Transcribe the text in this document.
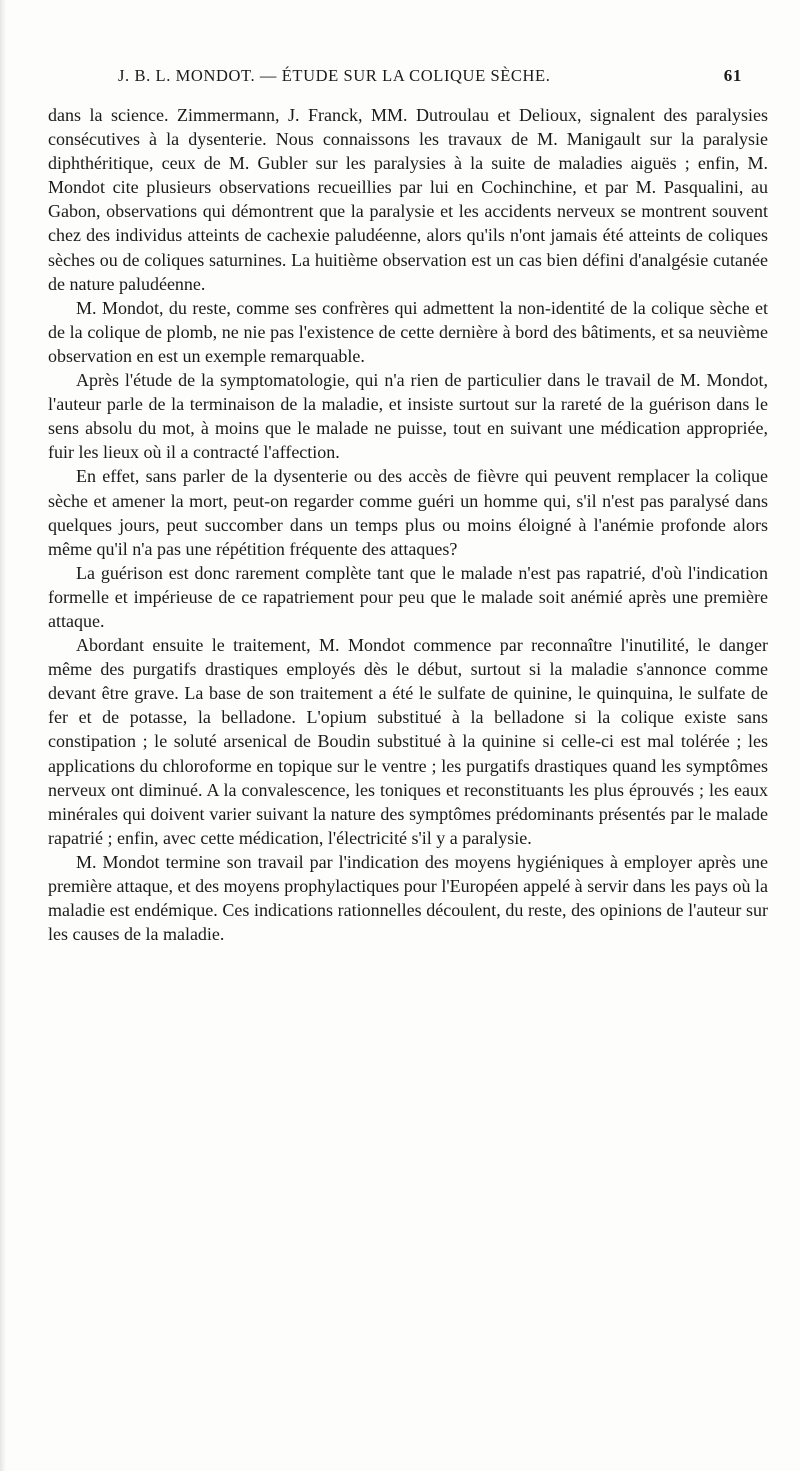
J. B. L. MONDOT. — ÉTUDE SUR LA COLIQUE SÈCHE.	61

dans la science. Zimmermann, J. Franck, MM. Dutroulau et Delioux, signalent des paralysies consécutives à la dysenterie. Nous connaissons les travaux de M. Manigault sur la paralysie diphthéritique, ceux de M. Gubler sur les paralysies à la suite de maladies aiguës ; enfin, M. Mondot cite plusieurs observations recueillies par lui en Cochinchine, et par M. Pasqualini, au Gabon, observations qui démontrent que la paralysie et les accidents nerveux se montrent souvent chez des individus atteints de cachexie paludéenne, alors qu'ils n'ont jamais été atteints de coliques sèches ou de coliques saturnines. La huitième observation est un cas bien défini d'analgésie cutanée de nature paludéenne.

M. Mondot, du reste, comme ses confrères qui admettent la non-identité de la colique sèche et de la colique de plomb, ne nie pas l'existence de cette dernière à bord des bâtiments, et sa neuvième observation en est un exemple remarquable.

Après l'étude de la symptomatologie, qui n'a rien de particulier dans le travail de M. Mondot, l'auteur parle de la terminaison de la maladie, et insiste surtout sur la rareté de la guérison dans le sens absolu du mot, à moins que le malade ne puisse, tout en suivant une médication appropriée, fuir les lieux où il a contracté l'affection.

En effet, sans parler de la dysenterie ou des accès de fièvre qui peuvent remplacer la colique sèche et amener la mort, peut-on regarder comme guéri un homme qui, s'il n'est pas paralysé dans quelques jours, peut succomber dans un temps plus ou moins éloigné à l'anémie profonde alors même qu'il n'a pas une répétition fréquente des attaques?

La guérison est donc rarement complète tant que le malade n'est pas rapatrié, d'où l'indication formelle et impérieuse de ce rapatriement pour peu que le malade soit anémié après une première attaque.

Abordant ensuite le traitement, M. Mondot commence par reconnaître l'inutilité, le danger même des purgatifs drastiques employés dès le début, surtout si la maladie s'annonce comme devant être grave. La base de son traitement a été le sulfate de quinine, le quinquina, le sulfate de fer et de potasse, la belladone. L'opium substitué à la belladone si la colique existe sans constipation ; le soluté arsenical de Boudin substitué à la quinine si celle-ci est mal tolérée ; les applications du chloroforme en topique sur le ventre ; les purgatifs drastiques quand les symptômes nerveux ont diminué. A la convalescence, les toniques et reconstituants les plus éprouvés ; les eaux minérales qui doivent varier suivant la nature des symptômes prédominants présentés par le malade rapatrié ; enfin, avec cette médication, l'électricité s'il y a paralysie.

M. Mondot termine son travail par l'indication des moyens hygiéniques à employer après une première attaque, et des moyens prophylactiques pour l'Européen appelé à servir dans les pays où la maladie est endémique. Ces indications rationnelles découlent, du reste, des opinions de l'auteur sur les causes de la maladie.
